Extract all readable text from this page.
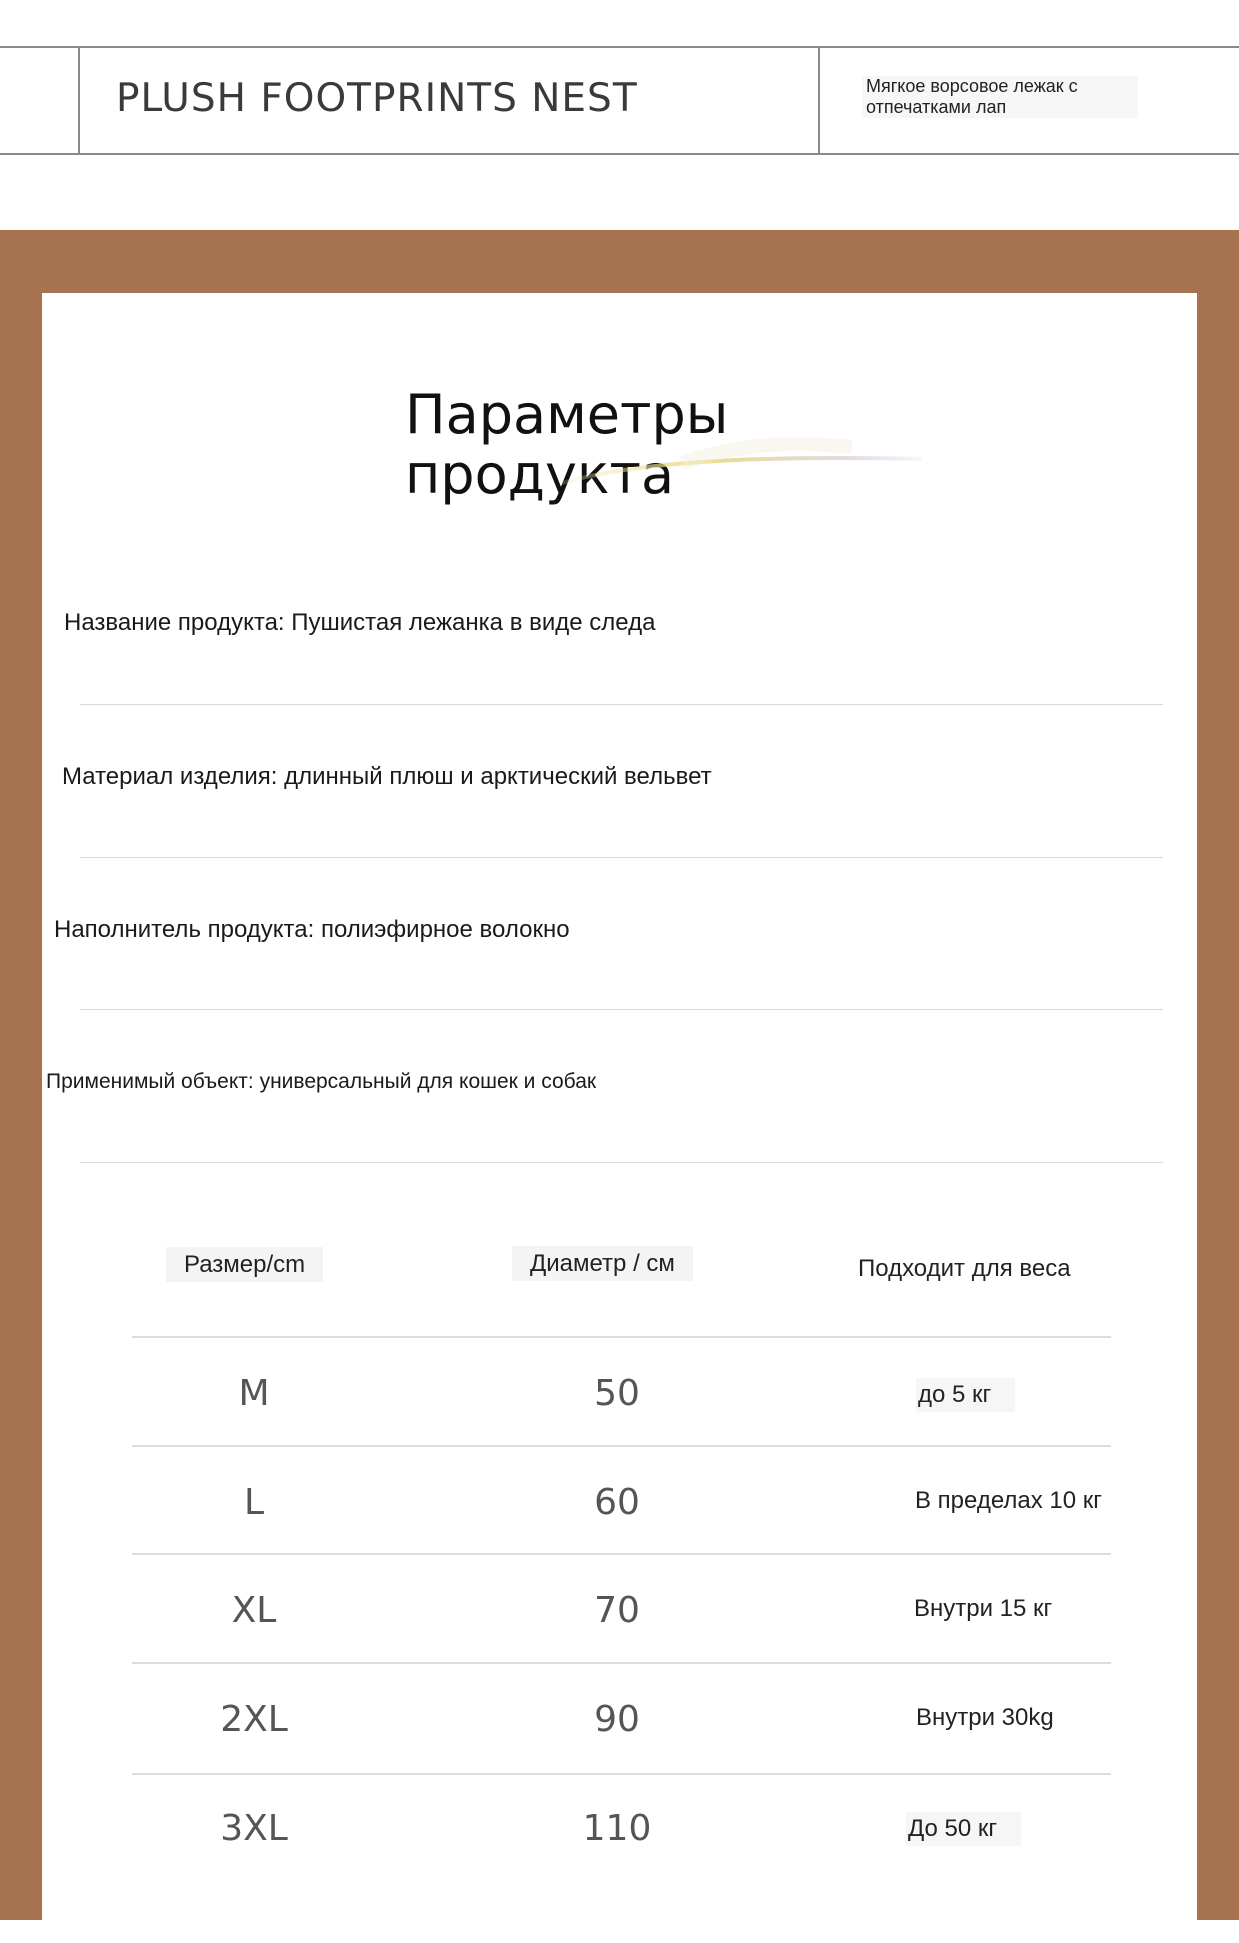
PLUSH FOOTPRINTS NEST	Мягкое ворсовое лежак с
отпечатками лап
Параметры
продукта
Название продукта: Пушистая лежанка в виде следа
Материал изделия: длинный плюш и арктический вельвет
Наполнитель продукта: полиэфирное волокно
Применимый объект: универсальный для кошек и собак
Размер/cm	Диаметр / см	Подходит для веса
M	50	до 5 кг
L	60	В пределах 10 кг
XL	70	Внутри 15 кг
2XL	90	Внутри 30kg
3XL	110	До 50 кг
